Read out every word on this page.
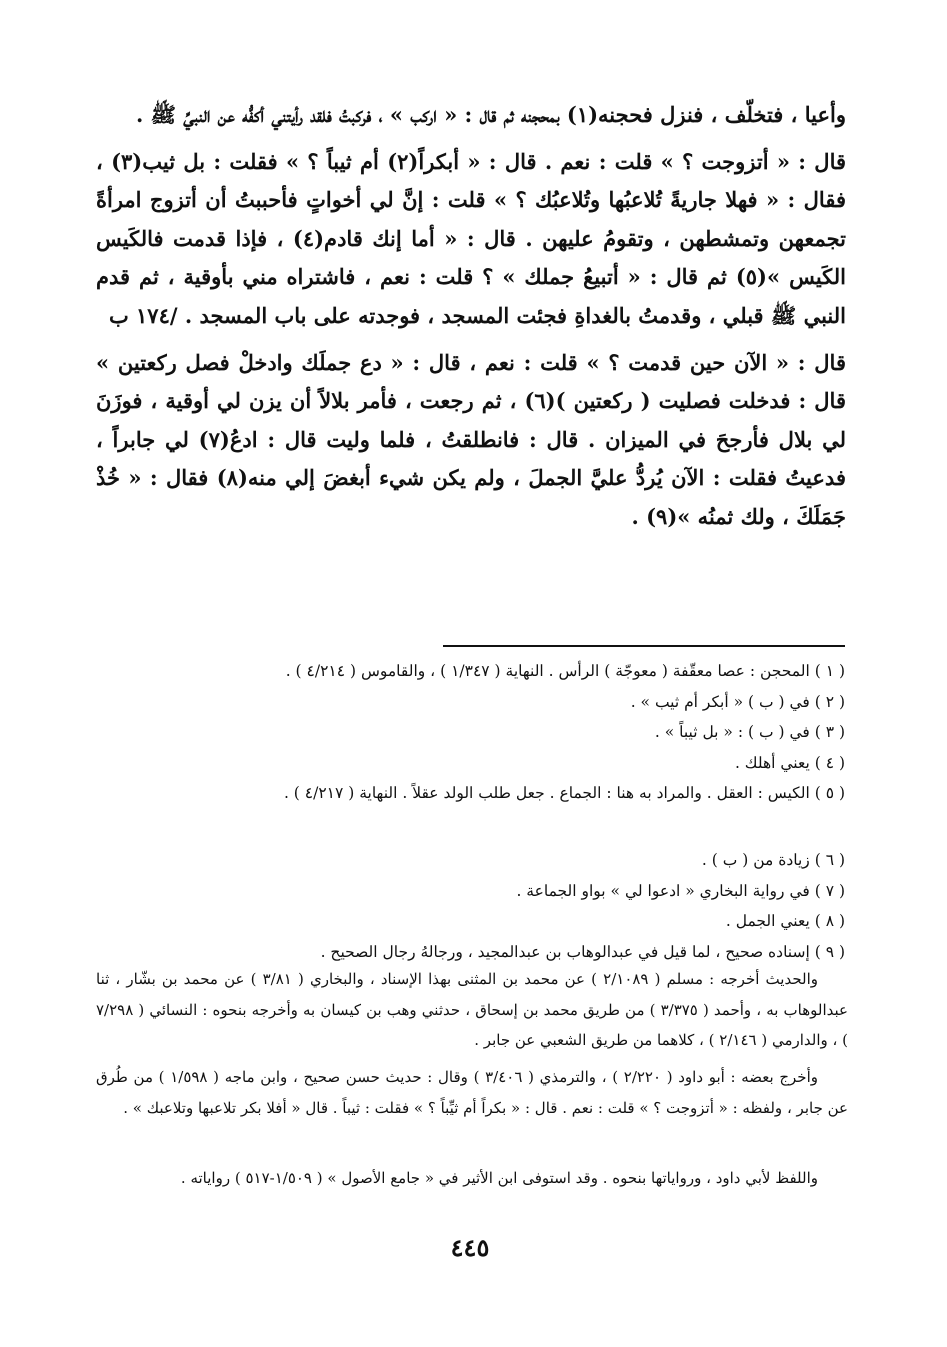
وأعيا ، فتخلّف ، فنزل فحجنه(١) بمحجنه ثم قال : « اركب » ، فركبتُ فلقد رأيتني أكفُّه عن النبيِّ ﷺ .

قال : « أتزوجت ؟ » قلت : نعم . قال : « أبكراً(٢) أم ثيباً ؟ » فقلت : بل ثيب(٣) ، فقال : « فهلا جاريةً تُلاعبُها وتُلاعبُك ؟ » قلت : إنَّ لي أخواتٍ فأحببتُ أن أتزوج امرأةً تجمعهن وتمشطهن ، وتقومُ عليهن . قال : « أما إنك قادم(٤) ، فإذا قدمت فالكَيس الكَيس »(٥) ثم قال : « أتبيعُ جملك » ؟ قلت : نعم ، فاشتراه مني بأوقية ، ثم قدم النبي ﷺ قبلي ، وقدمتُ بالغداةِ فجئت المسجد ، فوجدته على باب المسجد . ‏/١٧٤ ب

قال : « الآن حين قدمت ؟ » قلت : نعم ، قال : « دع جملَك وادخلْ فصل ركعتين » قال : فدخلت فصليت ( ركعتين )(٦) ، ثم رجعت ، فأمر بلالاً أن يزن لي أوقية ، فوزَنَ لي بلال فأرجحَ في الميزان . قال : فانطلقتُ ، فلما وليت قال : ادعُ(٧) لي جابراً ، فدعيتُ فقلت : الآن يُردُّ عليَّ الجملَ ، ولم يكن شيء أبغضَ إلي منه(٨) فقال : « خُذْ جَمَلَكَ ، ولك ثمنُه »(٩) .

( ١ ) المحجن : عصا معقّفة ( معوجّة ) الرأس . النهاية ( ١/٣٤٧ ) ، والقاموس ( ٤/٢١٤ ) .

( ٢ ) في ( ب ) « أبكر أم ثيب » .

( ٣ ) في ( ب ) : « بل ثيباً » .

( ٤ ) يعني أهلك .

( ٥ ) الكيس : العقل . والمراد به هنا : الجماع . جعل طلب الولد عقلاً . النهاية ( ٤/٢١٧ ) .

( ٦ ) زيادة من ( ب ) .

( ٧ ) في رواية البخاري « ادعوا لي » بواو الجماعة .

( ٨ ) يعني الجمل .

( ٩ ) إسناده صحيح ، لما قيل في عبدالوهاب بن عبدالمجيد ، ورجالهُ رجال الصحيح .

والحديث أخرجه : مسلم ( ٢/١٠٨٩ ) عن محمد بن المثنى بهذا الإسناد ، والبخاري ( ٣/٨١ ) عن محمد بن بشّار ، ثنا عبدالوهاب به ، وأحمد ( ٣/٣٧٥ ) من طريق محمد بن إسحاق ، حدثني وهب بن كيسان به وأخرجه بنحوه : النسائي ( ٧/٢٩٨ ) ، والدارمي ( ٢/١٤٦ ) ، كلاهما من طريق الشعبي عن جابر .

وأخرج بعضه : أبو داود ( ٢/٢٢٠ ) ، والترمذي ( ٣/٤٠٦ ) وقال : حديث حسن صحيح ، وابن ماجه ( ١/٥٩٨ ) من طُرق عن جابر ، ولفظه : « أتزوجت ؟ » قلت : نعم . قال : « بكراً أم ثيِّباً ؟ » فقلت : ثيباً . قال « أفلا بكر تلاعبها وتلاعبك » .

واللفظ لأبي داود ، ورواياتها بنحوه . وقد استوفى ابن الأثير في « جامع الأصول » ( ١/٥٠٩-٥١٧ ) رواياته .

٤٤٥
